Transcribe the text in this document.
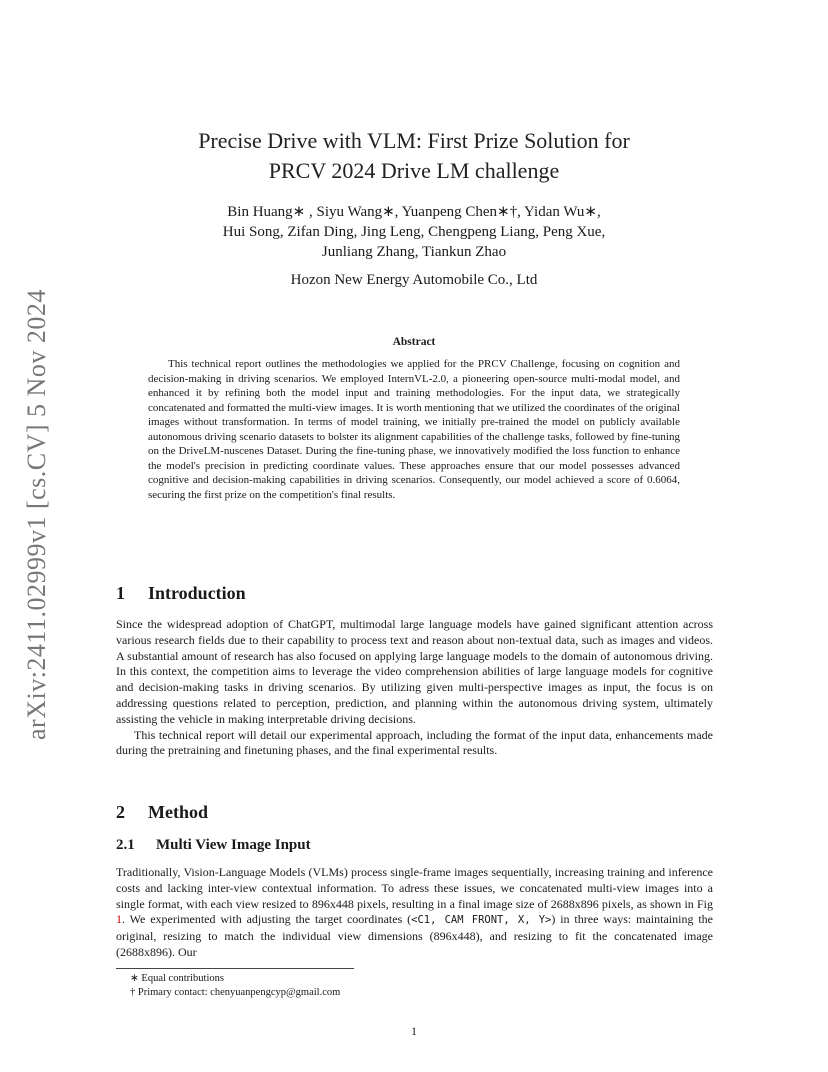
arXiv:2411.02999v1 [cs.CV] 5 Nov 2024
Precise Drive with VLM: First Prize Solution for
PRCV 2024 Drive LM challenge
Bin Huang∗ , Siyu Wang∗, Yuanpeng Chen∗†, Yidan Wu∗,
Hui Song, Zifan Ding, Jing Leng, Chengpeng Liang, Peng Xue,
Junliang Zhang, Tiankun Zhao
Hozon New Energy Automobile Co., Ltd
Abstract
This technical report outlines the methodologies we applied for the PRCV Challenge, focusing on cognition and decision-making in driving scenarios. We employed InternVL-2.0, a pioneering open-source multi-modal model, and enhanced it by refining both the model input and training methodologies. For the input data, we strategically concatenated and formatted the multi-view images. It is worth mentioning that we utilized the coordinates of the original images without transformation. In terms of model training, we initially pre-trained the model on publicly available autonomous driving scenario datasets to bolster its alignment capabilities of the challenge tasks, followed by fine-tuning on the DriveLM-nuscenes Dataset. During the fine-tuning phase, we innovatively modified the loss function to enhance the model's precision in predicting coordinate values. These approaches ensure that our model possesses advanced cognitive and decision-making capabilities in driving scenarios. Consequently, our model achieved a score of 0.6064, securing the first prize on the competition's final results.
1 Introduction

Since the widespread adoption of ChatGPT, multimodal large language models have gained significant attention across various research fields due to their capability to process text and reason about non-textual data, such as images and videos. A substantial amount of research has also focused on applying large language models to the domain of autonomous driving. In this context, the competition aims to leverage the video comprehension abilities of large language models for cognitive and decision-making tasks in driving scenarios. By utilizing given multi-perspective images as input, the focus is on addressing questions related to perception, prediction, and planning within the autonomous driving system, ultimately assisting the vehicle in making interpretable driving decisions.

This technical report will detail our experimental approach, including the format of the input data, enhancements made during the pretraining and finetuning phases, and the final experimental results.

2 Method
2.1 Multi View Image Input

Traditionally, Vision-Language Models (VLMs) process single-frame images sequentially, increasing training and inference costs and lacking inter-view contextual information. To adress these issues, we concatenated multi-view images into a single format, with each view resized to 896x448 pixels, resulting in a final image size of 2688x896 pixels, as shown in Fig 1. We experimented with adjusting the target coordinates (<C1, CAM FRONT, X, Y>) in three ways: maintaining the original, resizing to match the individual view dimensions (896x448), and resizing to fit the concatenated image (2688x896). Our

∗ Equal contributions
† Primary contact: chenyuanpengcyp@gmail.com
1
